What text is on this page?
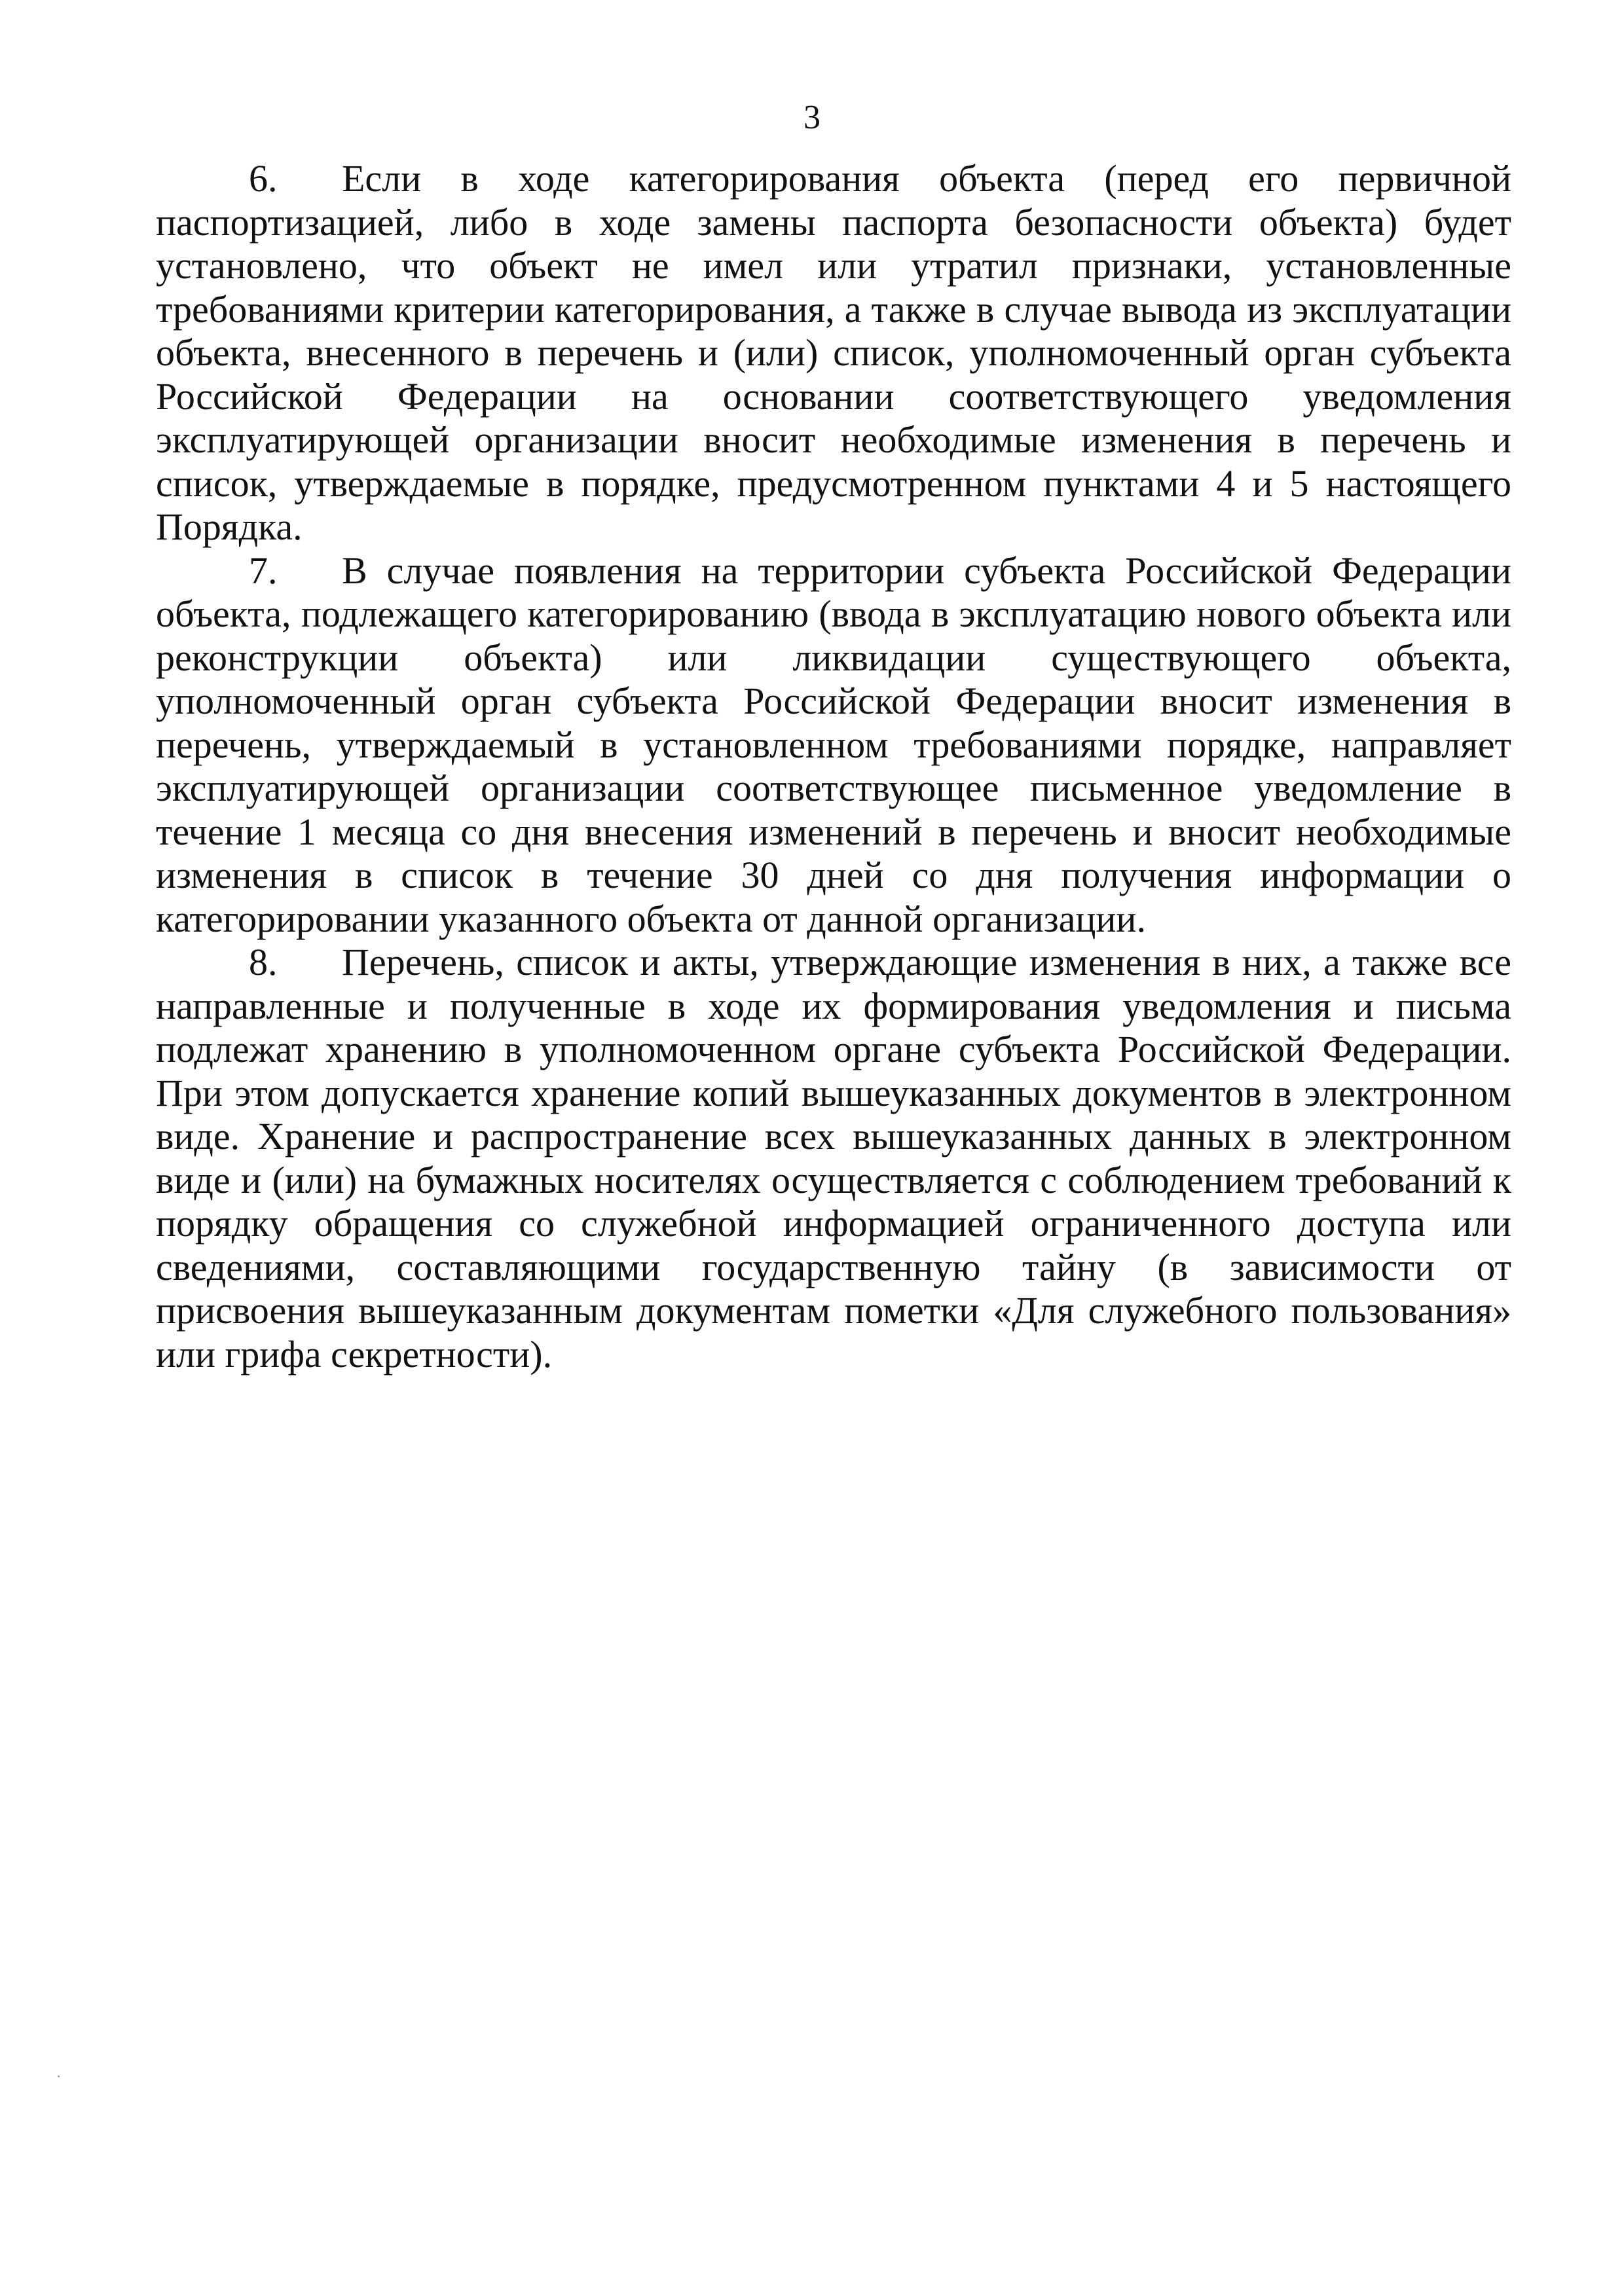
3

6. Если в ходе категорирования объекта (перед его первичной паспортизацией, либо в ходе замены паспорта безопасности объекта) будет установлено, что объект не имел или утратил признаки, установленные требованиями критерии категорирования, а также в случае вывода из эксплуатации объекта, внесенного в перечень и (или) список, уполномоченный орган субъекта Российской Федерации на основании соответствующего уведомления эксплуатирующей организации вносит необходимые изменения в перечень и список, утверждаемые в порядке, предусмотренном пунктами 4 и 5 настоящего Порядка.

7. В случае появления на территории субъекта Российской Федерации объекта, подлежащего категорированию (ввода в эксплуатацию нового объекта или реконструкции объекта) или ликвидации существующего объекта, уполномоченный орган субъекта Российской Федерации вносит изменения в перечень, утверждаемый в установленном требованиями порядке, направляет эксплуатирующей организации соответствующее письменное уведомление в течение 1 месяца со дня внесения изменений в перечень и вносит необходимые изменения в список в течение 30 дней со дня получения информации о категорировании указанного объекта от данной организации.

8. Перечень, список и акты, утверждающие изменения в них, а также все направленные и полученные в ходе их формирования уведомления и письма подлежат хранению в уполномоченном органе субъекта Российской Федерации. При этом допускается хранение копий вышеуказанных документов в электронном виде. Хранение и распространение всех вышеуказанных данных в электронном виде и (или) на бумажных носителях осуществляется с соблюдением требований к порядку обращения со служебной информацией ограниченного доступа или сведениями, составляющими государственную тайну (в зависимости от присвоения вышеуказанным документам пометки «Для служебного пользования» или грифа секретности).
